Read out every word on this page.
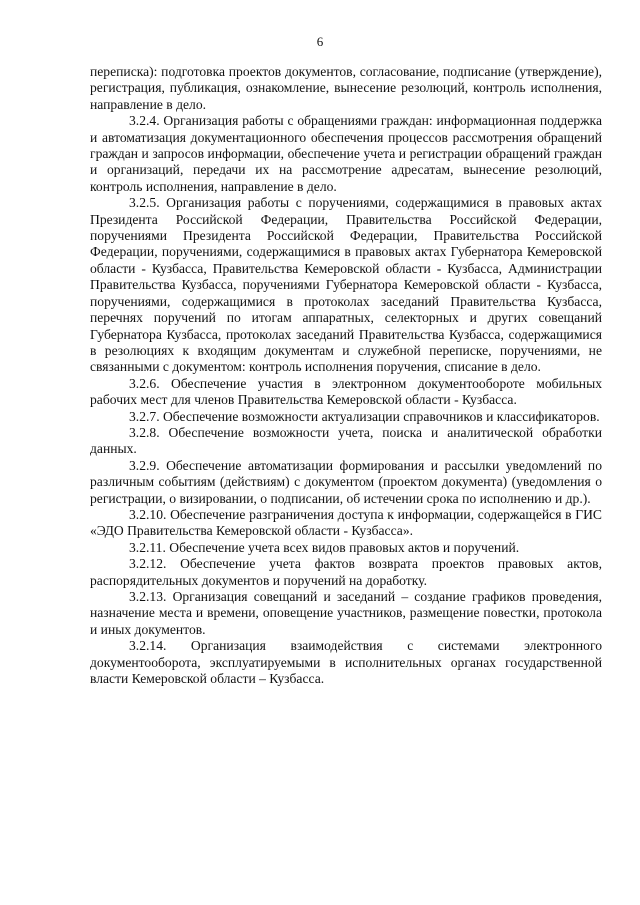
6

переписка): подготовка проектов документов, согласование, подписание (утверждение), регистрация, публикация, ознакомление, вынесение резолюций, контроль исполнения, направление в дело.

3.2.4. Организация работы с обращениями граждан: информационная поддержка и автоматизация документационного обеспечения процессов рассмотрения обращений граждан и запросов информации, обеспечение учета и регистрации обращений граждан и организаций, передачи их на рассмотрение адресатам, вынесение резолюций, контроль исполнения, направление в дело.

3.2.5. Организация работы с поручениями, содержащимися в правовых актах Президента Российской Федерации, Правительства Российской Федерации, поручениями Президента Российской Федерации, Правительства Российской Федерации, поручениями, содержащимися в правовых актах Губернатора Кемеровской области - Кузбасса, Правительства Кемеровской области - Кузбасса, Администрации Правительства Кузбасса, поручениями Губернатора Кемеровской области - Кузбасса, поручениями, содержащимися в протоколах заседаний Правительства Кузбасса, перечнях поручений по итогам аппаратных, селекторных и других совещаний Губернатора Кузбасса, протоколах заседаний Правительства Кузбасса, содержащимися в резолюциях к входящим документам и служебной переписке, поручениями, не связанными с документом: контроль исполнения поручения, списание в дело.

3.2.6. Обеспечение участия в электронном документообороте мобильных рабочих мест для членов Правительства Кемеровской области - Кузбасса.

3.2.7. Обеспечение возможности актуализации справочников и классификаторов.

3.2.8. Обеспечение возможности учета, поиска и аналитической обработки данных.

3.2.9. Обеспечение автоматизации формирования и рассылки уведомлений по различным событиям (действиям) с документом (проектом документа) (уведомления о регистрации, о визировании, о подписании, об истечении срока по исполнению и др.).

3.2.10. Обеспечение разграничения доступа к информации, содержащейся в ГИС «ЭДО Правительства Кемеровской области - Кузбасса».

3.2.11. Обеспечение учета всех видов правовых актов и поручений.

3.2.12. Обеспечение учета фактов возврата проектов правовых актов, распорядительных документов и поручений на доработку.

3.2.13. Организация совещаний и заседаний – создание графиков проведения, назначение места и времени, оповещение участников, размещение повестки, протокола и иных документов.

3.2.14. Организация взаимодействия с системами электронного документооборота, эксплуатируемыми в исполнительных органах государственной власти Кемеровской области – Кузбасса.
